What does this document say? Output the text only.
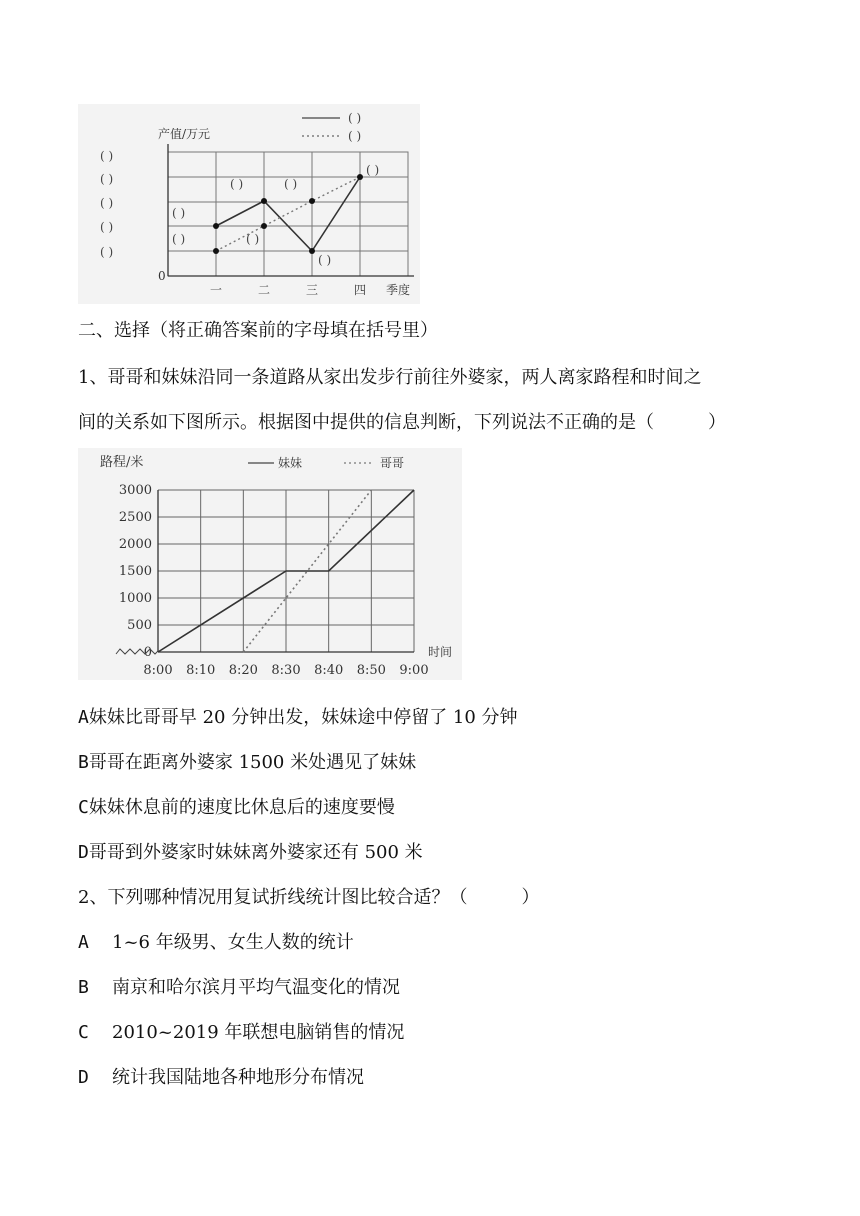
( )
( )
产值/万元
0
( )
( )
( )
( )
( )
( )
( )
( )
( )
( )
( )
( )
一	二	三	四 季度
二、选择（将正确答案前的字母填在括号里）
1、哥哥和妹妹沿同一条道路从家出发步行前往外婆家，两人离家路程和时间之
间的关系如下图所示。根据图中提供的信息判断，下列说法不正确的是（　　　）
路程/米	妹妹	哥哥
0
500
1000
1500
2000
2500
3000
8:00 8:10 8:20 8:30 8:40 8:50 9:00
时间
A妹妹比哥哥早 20 分钟出发，妹妹途中停留了 10 分钟
B哥哥在距离外婆家 1500 米处遇见了妹妹
C妹妹休息前的速度比休息后的速度要慢
D哥哥到外婆家时妹妹离外婆家还有 500 米
2、下列哪种情况用复试折线统计图比较合适？（　　　）
A 1~6 年级男、女生人数的统计
B 南京和哈尔滨月平均气温变化的情况
C 2010~2019 年联想电脑销售的情况
D 统计我国陆地各种地形分布情况
